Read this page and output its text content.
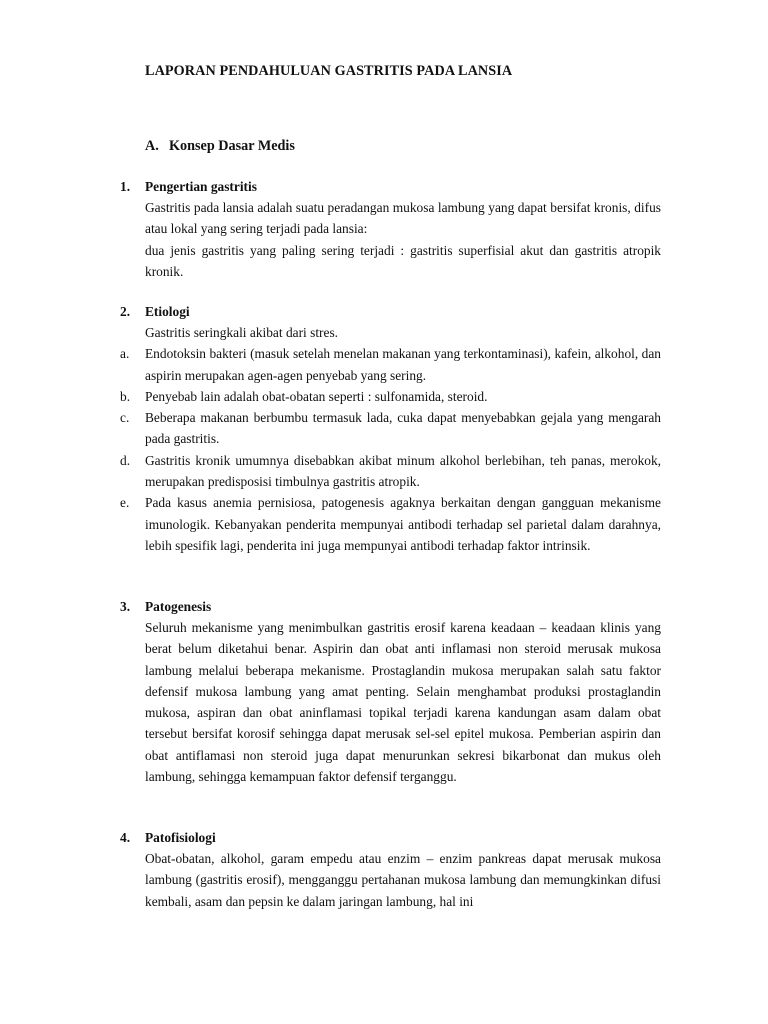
LAPORAN PENDAHULUAN GASTRITIS PADA LANSIA
A. Konsep Dasar Medis
1.	Pengertian gastritis
Gastritis pada lansia adalah suatu peradangan mukosa lambung yang dapat bersifat kronis, difus atau lokal yang sering terjadi pada lansia:
dua jenis gastritis yang paling sering terjadi : gastritis superfisial akut dan gastritis atropik kronik.
2.	Etiologi
Gastritis seringkali akibat dari stres.
a. Endotoksin bakteri (masuk setelah menelan makanan yang terkontaminasi), kafein, alkohol, dan aspirin merupakan agen-agen penyebab yang sering.
b. Penyebab lain adalah obat-obatan seperti : sulfonamida, steroid.
c. Beberapa makanan berbumbu termasuk lada, cuka dapat menyebabkan gejala yang mengarah pada gastritis.
d. Gastritis kronik umumnya disebabkan akibat minum alkohol berlebihan, teh panas, merokok, merupakan predisposisi timbulnya gastritis atropik.
e. Pada kasus anemia pernisiosa, patogenesis agaknya berkaitan dengan gangguan mekanisme imunologik. Kebanyakan penderita mempunyai antibodi terhadap sel parietal dalam darahnya, lebih spesifik lagi, penderita ini juga mempunyai antibodi terhadap faktor intrinsik.
3.	Patogenesis
Seluruh mekanisme yang menimbulkan gastritis erosif karena keadaan – keadaan klinis yang berat belum diketahui benar. Aspirin dan obat anti inflamasi non steroid merusak mukosa lambung melalui beberapa mekanisme. Prostaglandin mukosa merupakan salah satu faktor defensif mukosa lambung yang amat penting. Selain menghambat produksi prostaglandin mukosa, aspiran dan obat aninflamasi topikal terjadi karena kandungan asam dalam obat tersebut bersifat korosif sehingga dapat merusak sel-sel epitel mukosa. Pemberian aspirin dan obat antiflamasi non steroid juga dapat menurunkan sekresi bikarbonat dan mukus oleh lambung, sehingga kemampuan faktor defensif terganggu.
4.	Patofisiologi
Obat-obatan, alkohol, garam empedu atau enzim – enzim pankreas dapat merusak mukosa lambung (gastritis erosif), mengganggu pertahanan mukosa lambung dan memungkinkan difusi kembali, asam dan pepsin ke dalam jaringan lambung, hal ini
